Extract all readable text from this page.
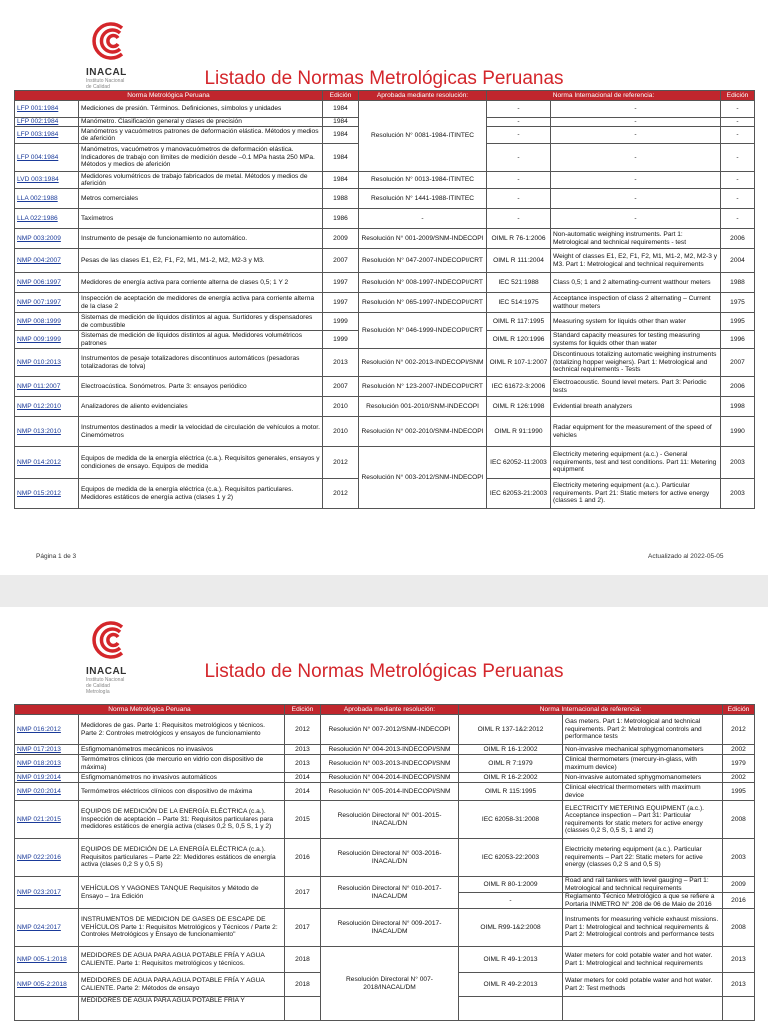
INACAL
Instituto Nacional
de Calidad	Listado de Normas Metrológicas Peruanas
Norma Metrológica Peruana		Edición	Aprobada mediante resolución:	Norma Internacional de referencia:		Edición
LFP 001:1984	Mediciones de presión. Términos. Definiciones, símbolos y unidades	1984	Resolución N° 0081-1984-ITINTEC	-	-	-
LFP 002:1984	Manómetro. Clasificación general y clases de precisión	1984		-	-	-
LFP 003:1984	Manómetros y vacuómetros patrones de deformación elástica. Métodos y medios de aferición	1984		-	-	-
LFP 004:1984	Manómetros, vacuómetros y manovacuómetros de deformación elástica. Indicadores de trabajo con límites de medición desde –0.1 MPa hasta 250 MPa. Métodos y medios de aferición	1984		-	-	-
LVD 003:1984	Medidores volumétricos de trabajo fabricados de metal. Métodos y medios de aferición	1984	Resolución N° 0013-1984-ITINTEC	-	-	-
LLA 002:1988	Metros comerciales	1988	Resolución N° 1441-1988-ITINTEC	-	-	-
LLA 022:1986	Taxímetros	1986	-	-	-	-
NMP 003:2009	Instrumento de pesaje de funcionamiento no automático.	2009	Resolución N° 001-2009/SNM-INDECOPI	OIML R 76-1:2006	Non-automatic weighing instruments. Part 1: Metrological and technical requirements - test	2006
NMP 004:2007	Pesas de las clases E1, E2, F1, F2, M1, M1-2, M2, M2-3 y M3.	2007	Resolución N° 047-2007-INDECOPI/CRT	OIML R 111:2004	Weight of classes E1, E2, F1, F2, M1, M1-2, M2, M2-3 y M3. Part 1: Metrological and technical requirements	2004
NMP 006:1997	Medidores de energía activa para corriente alterna de clases 0,5; 1 Y 2	1997	Resolución N° 008-1997-INDECOPI/CRT	IEC 521:1988	Class 0,5; 1 and 2 alternating-current watthour meters	1988
NMP 007:1997	Inspección de aceptación de medidores de energía activa para corriente alterna de la clase 2	1997	Resolución N° 065-1997-INDECOPI/CRT	IEC 514:1975	Acceptance inspection of class 2 alternating – Current watthour meters	1975
NMP 008:1999	Sistemas de medición de líquidos distintos al agua. Surtidores y dispensadores de combustible	1999	Resolución N° 046-1999-INDECOPI/CRT	OIML R 117:1995	Measuring system for liquids other than water	1995
NMP 009:1999	Sistemas de medición de líquidos distintos al agua. Medidores volumétricos patrones	1999		OIML R 120:1996	Standard capacity measures for testing measuring systems for liquids other than water	1996
NMP 010:2013	Instrumentos de pesaje totalizadores discontinuos automáticos (pesadoras totalizadoras de tolva)	2013	Resolución N° 002-2013-INDECOPI/SNM	OIML R 107-1:2007	Discontinuous totalizing automatic weighing instruments (totalizing hopper weighers). Part 1: Metrological and technical requirements - Tests	2007
NMP 011:2007	Electroacústica. Sonómetros. Parte 3: ensayos periódico	2007	Resolución N° 123-2007-INDECOPI/CRT	IEC 61672-3:2006	Electroacoustic. Sound level meters. Part 3: Periodic tests	2006
NMP 012:2010	Analizadores de aliento evidenciales	2010	Resolución 001-2010/SNM-INDECOPI	OIML R 126:1998	Evidential breath analyzers	1998
NMP 013:2010	Instrumentos destinados a medir la velocidad de circulación de vehículos a motor. Cinemómetros	2010	Resolución N° 002-2010/SNM-INDECOPI	OIML R 91:1990	Radar equipment for the measurement of the speed of vehicles	1990
NMP 014:2012	Equipos de medida de la energía eléctrica (c.a.). Requisitos generales, ensayos y condiciones de ensayo. Equipos de medida	2012	Resolución N° 003-2012/SNM-INDECOPI	IEC 62052-11:2003	Electricity metering equipment (a.c.) - General requirements, test and test conditions. Part 11: Metering equipment	2003
NMP 015:2012	Equipos de medida de la energía eléctrica (c.a.). Requisitos particulares. Medidores estáticos de energía activa (clases 1 y 2)	2012		IEC 62053-21:2003	Electricity metering equipment (a.c.). Particular requirements. Part 21: Static meters for active energy (classes 1 and 2).	2003
Página 1 de 3	Actualizado al 2022-05-05
INACAL
Instituto Nacional
de Calidad
Metrología
Listado de Normas Metrológicas Peruanas
Norma Metrológica Peruana		Edición	Aprobada mediante resolución:	Norma Internacional de referencia:		Edición
NMP 016:2012	Medidores de gas. Parte 1: Requisitos metrológicos y técnicos. Parte 2: Controles metrológicos y ensayos de funcionamiento	2012	Resolución N° 007-2012/SNM-INDECOPI	OIML R 137-1&2:2012	Gas meters. Part 1: Metrological and technical requirements. Part 2: Metrological controls and performance tests	2012
NMP 017:2013	Esfigmomanómetros mecánicos no invasivos	2013	Resolución N° 004-2013-INDECOPI/SNM	OIML R 16-1:2002	Non-invasive mechanical sphygmomanometers	2002
NMP 018:2013	Termómetros clínicos (de mercurio en vidrio con dispositivo de máxima)	2013	Resolución N° 003-2013-INDECOPI/SNM	OIML R 7:1979	Clinical thermometers (mercury-in-glass, with maximum device)	1979
NMP 019:2014	Esfigmomanómetros no invasivos automáticos	2014	Resolución N° 004-2014-INDECOPI/SNM	OIML R 16-2:2002	Non-invasive automated sphygmomanometers	2002
NMP 020:2014	Termómetros eléctricos clínicos con dispositivo de máxima	2014	Resolución N° 005-2014-INDECOPI/SNM	OIML R 115:1995	Clinical electrical thermometers with maximum device	1995
NMP 021:2015	EQUIPOS DE MEDICIÓN DE LA ENERGÍA ELÉCTRICA (c.a.). Inspección de aceptación – Parte 31: Requisitos particulares para medidores estáticos de energía activa (clases 0,2 S, 0,5 S, 1 y 2)	2015	Resolución Directoral N° 001-2015-INACAL/DN	IEC 62058-31:2008	ELECTRICITY METERING EQUIPMENT (a.c.). Acceptance inspection – Part 31: Particular requirements for static meters for active energy (classes 0,2 S, 0,5 S, 1 and 2)	2008
NMP 022:2016	EQUIPOS DE MEDICIÓN DE LA ENERGÍA ELÉCTRICA (c.a.). Requisitos particulares – Parte 22: Medidores estáticos de energía activa (clases 0,2 S y 0,5 S)	2016	Resolución Directoral N° 003-2016-INACAL/DN	IEC 62053-22:2003	Electricity metering equipment (a.c.). Particular requirements – Part 22: Static meters for active energy (classes 0,2 S and 0,5 S)	2003
NMP 023:2017	VEHÍCULOS Y VAGONES TANQUE Requisitos y Método de Ensayo – 1ra Edición	2017	Resolución Directoral N° 010-2017-INACAL/DM	OIML R 80-1:2009	Road and rail tankers with level gauging – Part 1: Metrological and technical requirements	2009
				-	Reglamento Técnico Metrológico a que se refiere a Portaria INMETRO N° 208 de 06 de Maio de 2016	2016
NMP 024:2017	INSTRUMENTOS DE MEDICION DE GASES DE ESCAPE DE VEHÍCULOS Parte 1: Requisitos Metrológicos y Técnicos / Parte 2: Controles Metrológicos y Ensayo de funcionamiento"	2017	Resolución Directoral N° 009-2017-INACAL/DM	OIML R99-1&2:2008	Instruments for measuring vehicle exhaust missions. Part 1: Metrological and technical requirements & Part 2: Metrological controls and performance tests	2008
NMP 005-1:2018	MEDIDORES DE AGUA PARA AGUA POTABLE FRÍA Y AGUA CALIENTE. Parte 1: Requisitos metrológicos y técnicos.	2018	Resolución Directoral N° 007-2018/INACAL/DM	OIML R 49-1:2013	Water meters for cold potable water and hot water. Part 1: Metrological and technical requirements	2013
NMP 005-2:2018	MEDIDORES DE AGUA PARA AGUA POTABLE FRÍA Y AGUA CALIENTE. Parte 2: Métodos de ensayo	2018		OIML R 49-2:2013	Water meters for cold potable water and hot water. Part 2: Test methods	2013
	MEDIDORES DE AGUA PARA AGUA POTABLE FRÍA Y					
